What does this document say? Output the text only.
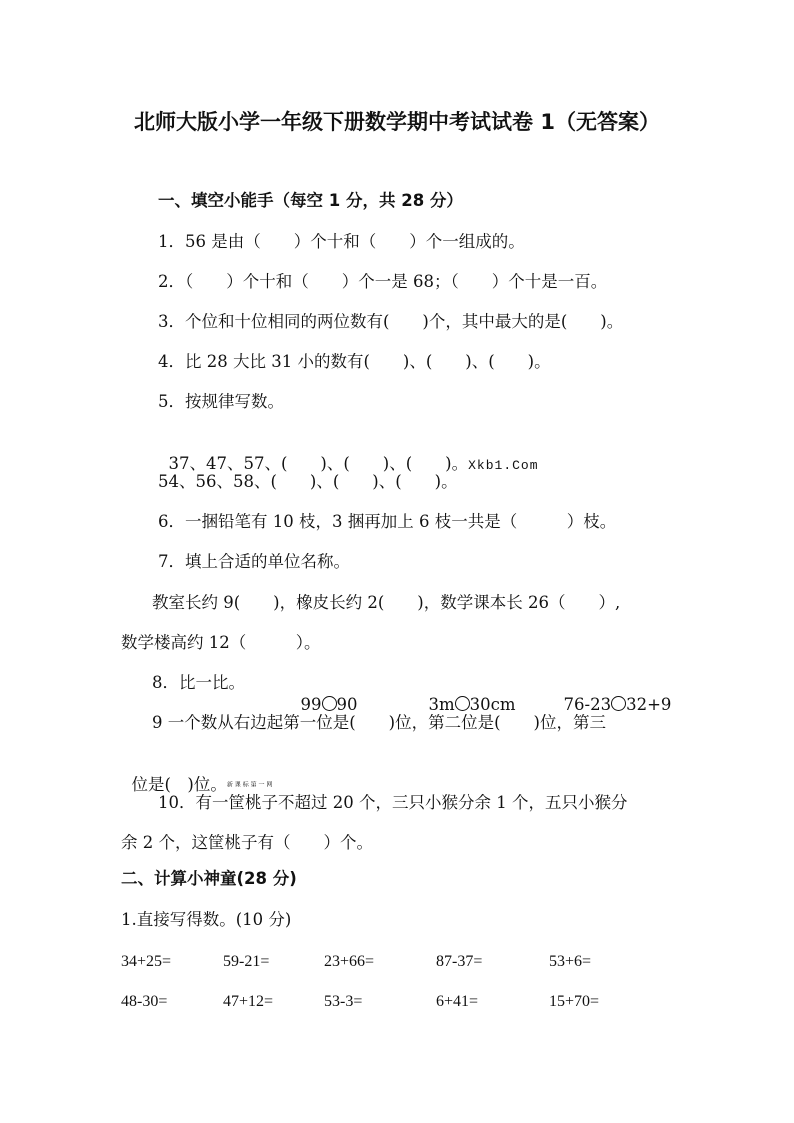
北师大版小学一年级下册数学期中考试试卷 1（无答案）
一、填空小能手（每空 1 分，共 28 分）
1．56 是由（　　）个十和（　　）个一组成的。
2．（　　）个十和（　　）个一是 68；（　　）个十是一百。
3．个位和十位相同的两位数有(　　)个，其中最大的是(　　)。
4．比 28 大比 31 小的数有(　　)、(　　)、(　　)。
5．按规律写数。

37、47、57、(　　)、(　　)、(　　)。Xkb1.Com

54、56、58、(　　)、(　　)、(　　)。
6．一捆铅笔有 10 枝，3 捆再加上 6 枝一共是（　　　）枝。
7．填上合适的单位名称。
教室长约 9(　　)，橡皮长约 2(　　)，数学课本长 26（　　）,
数学楼高约 12（　　　）。
8．比一比。

99 90	3m 30cm	76-23 32+9

9 一个数从右边起第一位是(　　)位，第二位是(　　)位，第三

位是(　)位。新 课 标 第 一 网

10．有一筐桃子不超过 20 个，三只小猴分余 1 个，五只小猴分
余 2 个，这筐桃子有（　　）个。
二、计算小神童(28 分)
1.直接写得数。(10 分)
34+25=	59-21=	23+66=	87-37=	53+6=
48-30=	47+12=	53-3=	6+41=	15+70=
